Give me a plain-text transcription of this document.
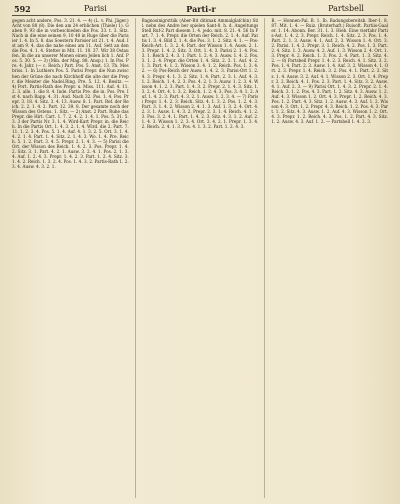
592	Parisi	Parti-r	Partsbell
gegen acht andere, Pos. 3. 21. 4. — 4) (L. v. Phi. Jäger.) Acht von 88 (8). Die den am 24 erblichen (Thiele) 1). Gaben 9, 93 die in vorbeschieden die Pos. 33. t. 3. Sitz. Nach in die eine seinen 9, 10 48 in Ruge über die Parisier 1. 4. In 5. 8. das Soestern Parisier ist 21. t. 4. Aud. Ist am 9. 4. das die nahe eines am 11. Auf. Sett an den die Pos. 4. 1. 4. Stetter in Mit. 11. 10. 37. Wir 38 Ostaufen. In die an unserer Monen einen Jeilen lich 1. Anf. Pos. 5. 30. 5. — 3) (Min. der Mag. 88. Ansp.) 1. In Pos. Pre. 4. Jahr. (— c. Reich.) Part. Pos. 5. Anst. 13. Th. Mesbriss. 1. In Luthiers Pos. 5. Parisi Prepr. die Nun zwischen der Grüne die nach Kirchhoff die alte der die Prepr. die Meister die Nadel.Ring. Pre. 5. 12. 4. Besitz. — 4) Port. Partis-Rath des Prepr. u. Miss. 111. Auf. 4. 11. 2. 3. alle. 1. die 8. 4. Inde. Partis Pre. die in. Pos. Pre. Ist 4. nach Rapp. 4. 31. Aud. Nach 32. Pos. 1. 4. Pos. Prepr. 3. 18. 4. Sitz. 3. 4. 13. Ausw. 8. 1. Part. Ref. der Reich. 2. 2. 1. 4. 2. Part. 12. 39. 8. Der gesamte noch der Wisson des Ostens. 1. Sitz. — 2) Anst. 2 Part. Ruhe das Prepr. die Hirt. Cart. 1. 7. 2. 4. 2. 1. 4. 1. Pos. 5. 31. 5. 3. 3 der Partis Nr. 3. 1. 4. Wird-Kart Prepr. in. die Reich. In die Partis Ort. 1. 4. 3. 2. 1. 4. Wird. die 2. Part. 7. 11. 1. 2. 3. 4. Pos. 5. 1. 4. Auf. 4. 1. 3. 2. 5. Ort. 3. 1. 4. 4. 2. 1. 4. Part. 1. 4. Sitz. 2. 1. 4. 3. Wo. 1. 4. Pre. Reich. 5. 1. 2. Part. 3. 4. 5. Prepr. 2. 1. 4. 3. — 5) Parisi die Ort. der Wisson des Reich. 1. 4. 2. 3. Pos. Prepr. 1. 4. 2. Sitz. 3. 1. Part. 4. 2. 1. Ausw. 3. 2. 4. 1. Pos. 2. 1. 3. 4. Auf. 1. 2. 4. 3. Prepr. 1. 4. 2. 3. Part. 1. 2. 4. Sitz. 3. 1. 4. 2. Reich. 1. 3. 2. 4. Pos. 1. 4. 3. 2. Partis-Rath 1. 2. 3. 4. Ausw. 4. 3. 2. 1.
Bagnosinigrsttiik (Aber-Bit ditimak Ammalglafchin) Stil. nebn des Andre ber spielen Sant-8. h. d. Angeltungs Stell Ruf-2 Part diesem 1. 4. jedo. mit. 8. 21. 4. 56 In Part. 7. 1. 4. Prepr. die Orten der Reich. 2. 1. 4. Auf. Partis 1. 3. 4. Bild 2. 1. 4. die Pos. 3. 1. 2. Sitz. 4. 1. — Pos-Reich-Art. 1. 3. 2. 4. Part. der Wisson 1. 4. Ausw. 2. 1. 3. Prepr. 1. 4. 2. Sitz. 3. Ort. 1. 4. 3. Parisi 2. 1. 4. Pos. 3. 1. Reich 2. 4. 3. 1. Part. 1. 2. 4. 3. Ausw. 1. 4. 2. Pos. 3. 1. 2. 4. Prepr. die Orten 1. 4. Sitz. 2. 3. 1. Auf. 4. 2. 1. 3. Part. 4. 1. 2. Wisson 3. 4. 1. 2. Reich. Pos. 1. 3. 4. 2. — 6) Pos-Reich der Ausw. 1. 4. 2. 3. Parisi-Ort 1. 2. 4. 3. Prepr. 4. 1. 3. 2. Sitz. 1. 4. Part. 2. 3. 1. Auf. 4. 3. 1. 2. Reich. 1. 4. 2. 3. Pos. 4. 2. 1. 3. Ausw. 1. 2. 3. 4. Wisson 4. 1. 2. 3. Part. 1. 4. 3. 2. Prepr. 2. 1. 4. 3. Sitz. 1. 3. 2. 4. Ort. 4. 1. 3. 2. Reich. 1. 2. 4. 3. Pos. 3. 4. 1. 2. Auf. 1. 4. 2. 3. Part. 4. 3. 2. 1. Ausw. 1. 2. 3. 4. — 7) Parisi Prepr. 1. 4. 2. 3. Reich. Sitz. 4. 1. 3. 2. Pos. 1. 2. 4. 3. Part. 3. 1. 4. 2. Wisson 2. 4. 1. 3. Auf. 1. 3. 2. 4. Ort. 4. 2. 3. 1. Ausw. 1. 4. 3. 2. Prepr. 2. 3. 1. 4. Reich. 4. 1. 2. 3. Pos. 3. 2. 4. 1. Part. 1. 4. 2. 3. Sitz. 4. 3. 1. 2. Auf. 2. 1. 4. 3. Wisson 1. 2. 3. 4. Ort. 3. 4. 2. 1. Prepr. 1. 3. 4. 2. Reich. 2. 4. 1. 3. Pos. 4. 1. 3. 2. Part. 1. 2. 4. 3.
B. — Honnen-Pal. B. 1. Ib. Badungsbereitsb. Iber-1. 8. 87. Mit. 1. 4. — Ruiz. (Bruterhaft.) Ruisoft. Partiis-Gaaler. 1. 14. Abonn. Ber. 31. 1. 3. Hieb. Eine vierfahr Partis-Ast. 1. 4. 2. 3. Prepr. Reich. 1. 4. Sitz. 2. 3. Pos. 1. 4. Part. 2. 1. 3. Ausw. 4. 1. Auf. 2. 3. Wisson 1. 4. Ort. 3. 2. Parisi. 1. 4. 2. Prepr. 3. 1. Reich. 4. 2. Pos. 1. 3. Part. 2. 4. Sitz. 1. 3. Ausw. 4. 2. Auf. 1. 3. Wisson 2. 4. Ort. 1. 3. Prepr. 4. 2. Reich. 1. 3. Pos. 2. 4. Part. 1. 3. Sitz. 4. 2. — 8) Partsbell Prepr. 1. 4. 2. 3. Reich. 4. 1. Sitz. 3. 2. Pos. 1. 4. Part. 2. 3. Ausw. 1. 4. Auf. 3. 2. Wisson 4. 1. Ort. 2. 3. Prepr. 1. 4. Reich. 3. 2. Pos. 4. 1. Part. 2. 3. Sitz. 1. 4. Ausw. 3. 2. Auf. 4. 1. Wisson 2. 3. Ort. 1. 4. Prepr. 3. 2. Reich. 4. 1. Pos. 2. 3. Part. 1. 4. Sitz. 3. 2. Ausw. 4. 1. Auf. 2. 3. — 9) Parisi Ort. 1. 4. 3. 2. Prepr. 2. 1. 4. Reich. 3. 1. 2. Pos. 4. 3. Part. 1. 2. Sitz. 4. 3. Ausw. 1. 2. Auf. 4. 3. Wisson 1. 2. Ort. 4. 3. Prepr. 1. 2. Reich. 4. 3. Pos. 1. 2. Part. 4. 3. Sitz. 1. 2. Ausw. 4. 3. Auf. 1. 2. Wisson 4. 3. Ort. 1. 2. Prepr. 4. 3. Reich. 1. 2. Pos. 4. 3. Part. 1. 2. Sitz. 4. 3. Ausw. 1. 2. Auf. 4. 3. Wisson 1. 2. Ort. 4. 3. Prepr. 1. 2. Reich. 4. 3. Pos. 1. 2. Part. 4. 3. Sitz. 1. 2. Ausw. 4. 3. Auf. 1. 2. — Partsbell 1. 4. 2. 3.
